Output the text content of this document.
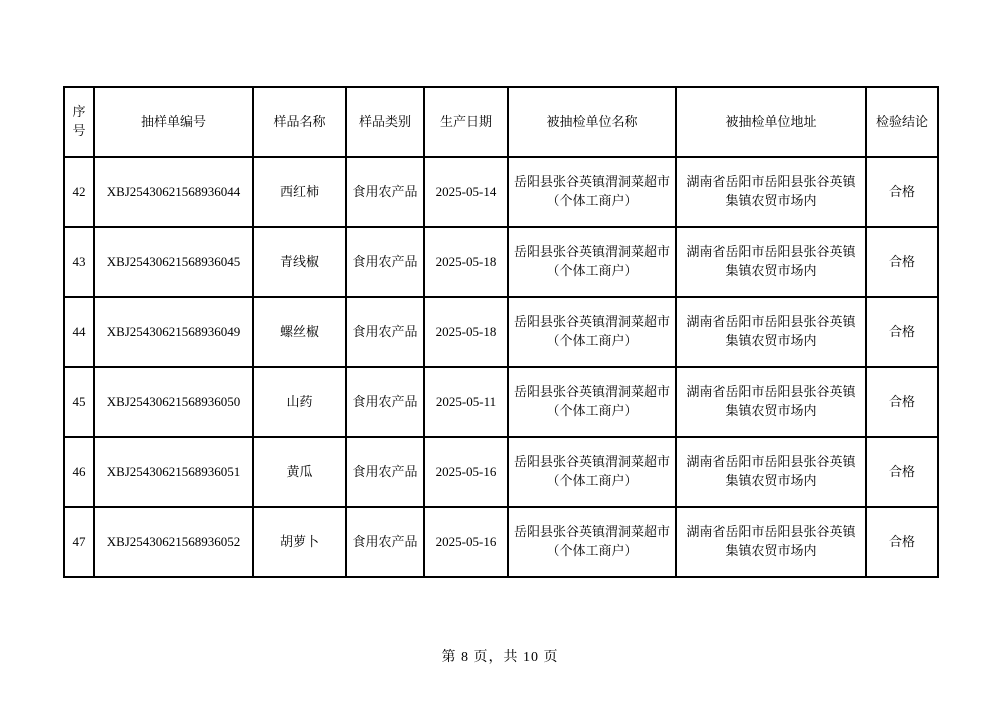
序号	抽样单编号	样品名称	样品类别	生产日期	被抽检单位名称	被抽检单位地址	检验结论
42	XBJ25430621568936044	西红柿	食用农产品	2025-05-14	岳阳县张谷英镇渭洞菜超市（个体工商户）	湖南省岳阳市岳阳县张谷英镇集镇农贸市场内	合格
43	XBJ25430621568936045	青线椒	食用农产品	2025-05-18	岳阳县张谷英镇渭洞菜超市（个体工商户）	湖南省岳阳市岳阳县张谷英镇集镇农贸市场内	合格
44	XBJ25430621568936049	螺丝椒	食用农产品	2025-05-18	岳阳县张谷英镇渭洞菜超市（个体工商户）	湖南省岳阳市岳阳县张谷英镇集镇农贸市场内	合格
45	XBJ25430621568936050	山药	食用农产品	2025-05-11	岳阳县张谷英镇渭洞菜超市（个体工商户）	湖南省岳阳市岳阳县张谷英镇集镇农贸市场内	合格
46	XBJ25430621568936051	黄瓜	食用农产品	2025-05-16	岳阳县张谷英镇渭洞菜超市（个体工商户）	湖南省岳阳市岳阳县张谷英镇集镇农贸市场内	合格
47	XBJ25430621568936052	胡萝卜	食用农产品	2025-05-16	岳阳县张谷英镇渭洞菜超市（个体工商户）	湖南省岳阳市岳阳县张谷英镇集镇农贸市场内	合格
第 8 页，共 10 页
